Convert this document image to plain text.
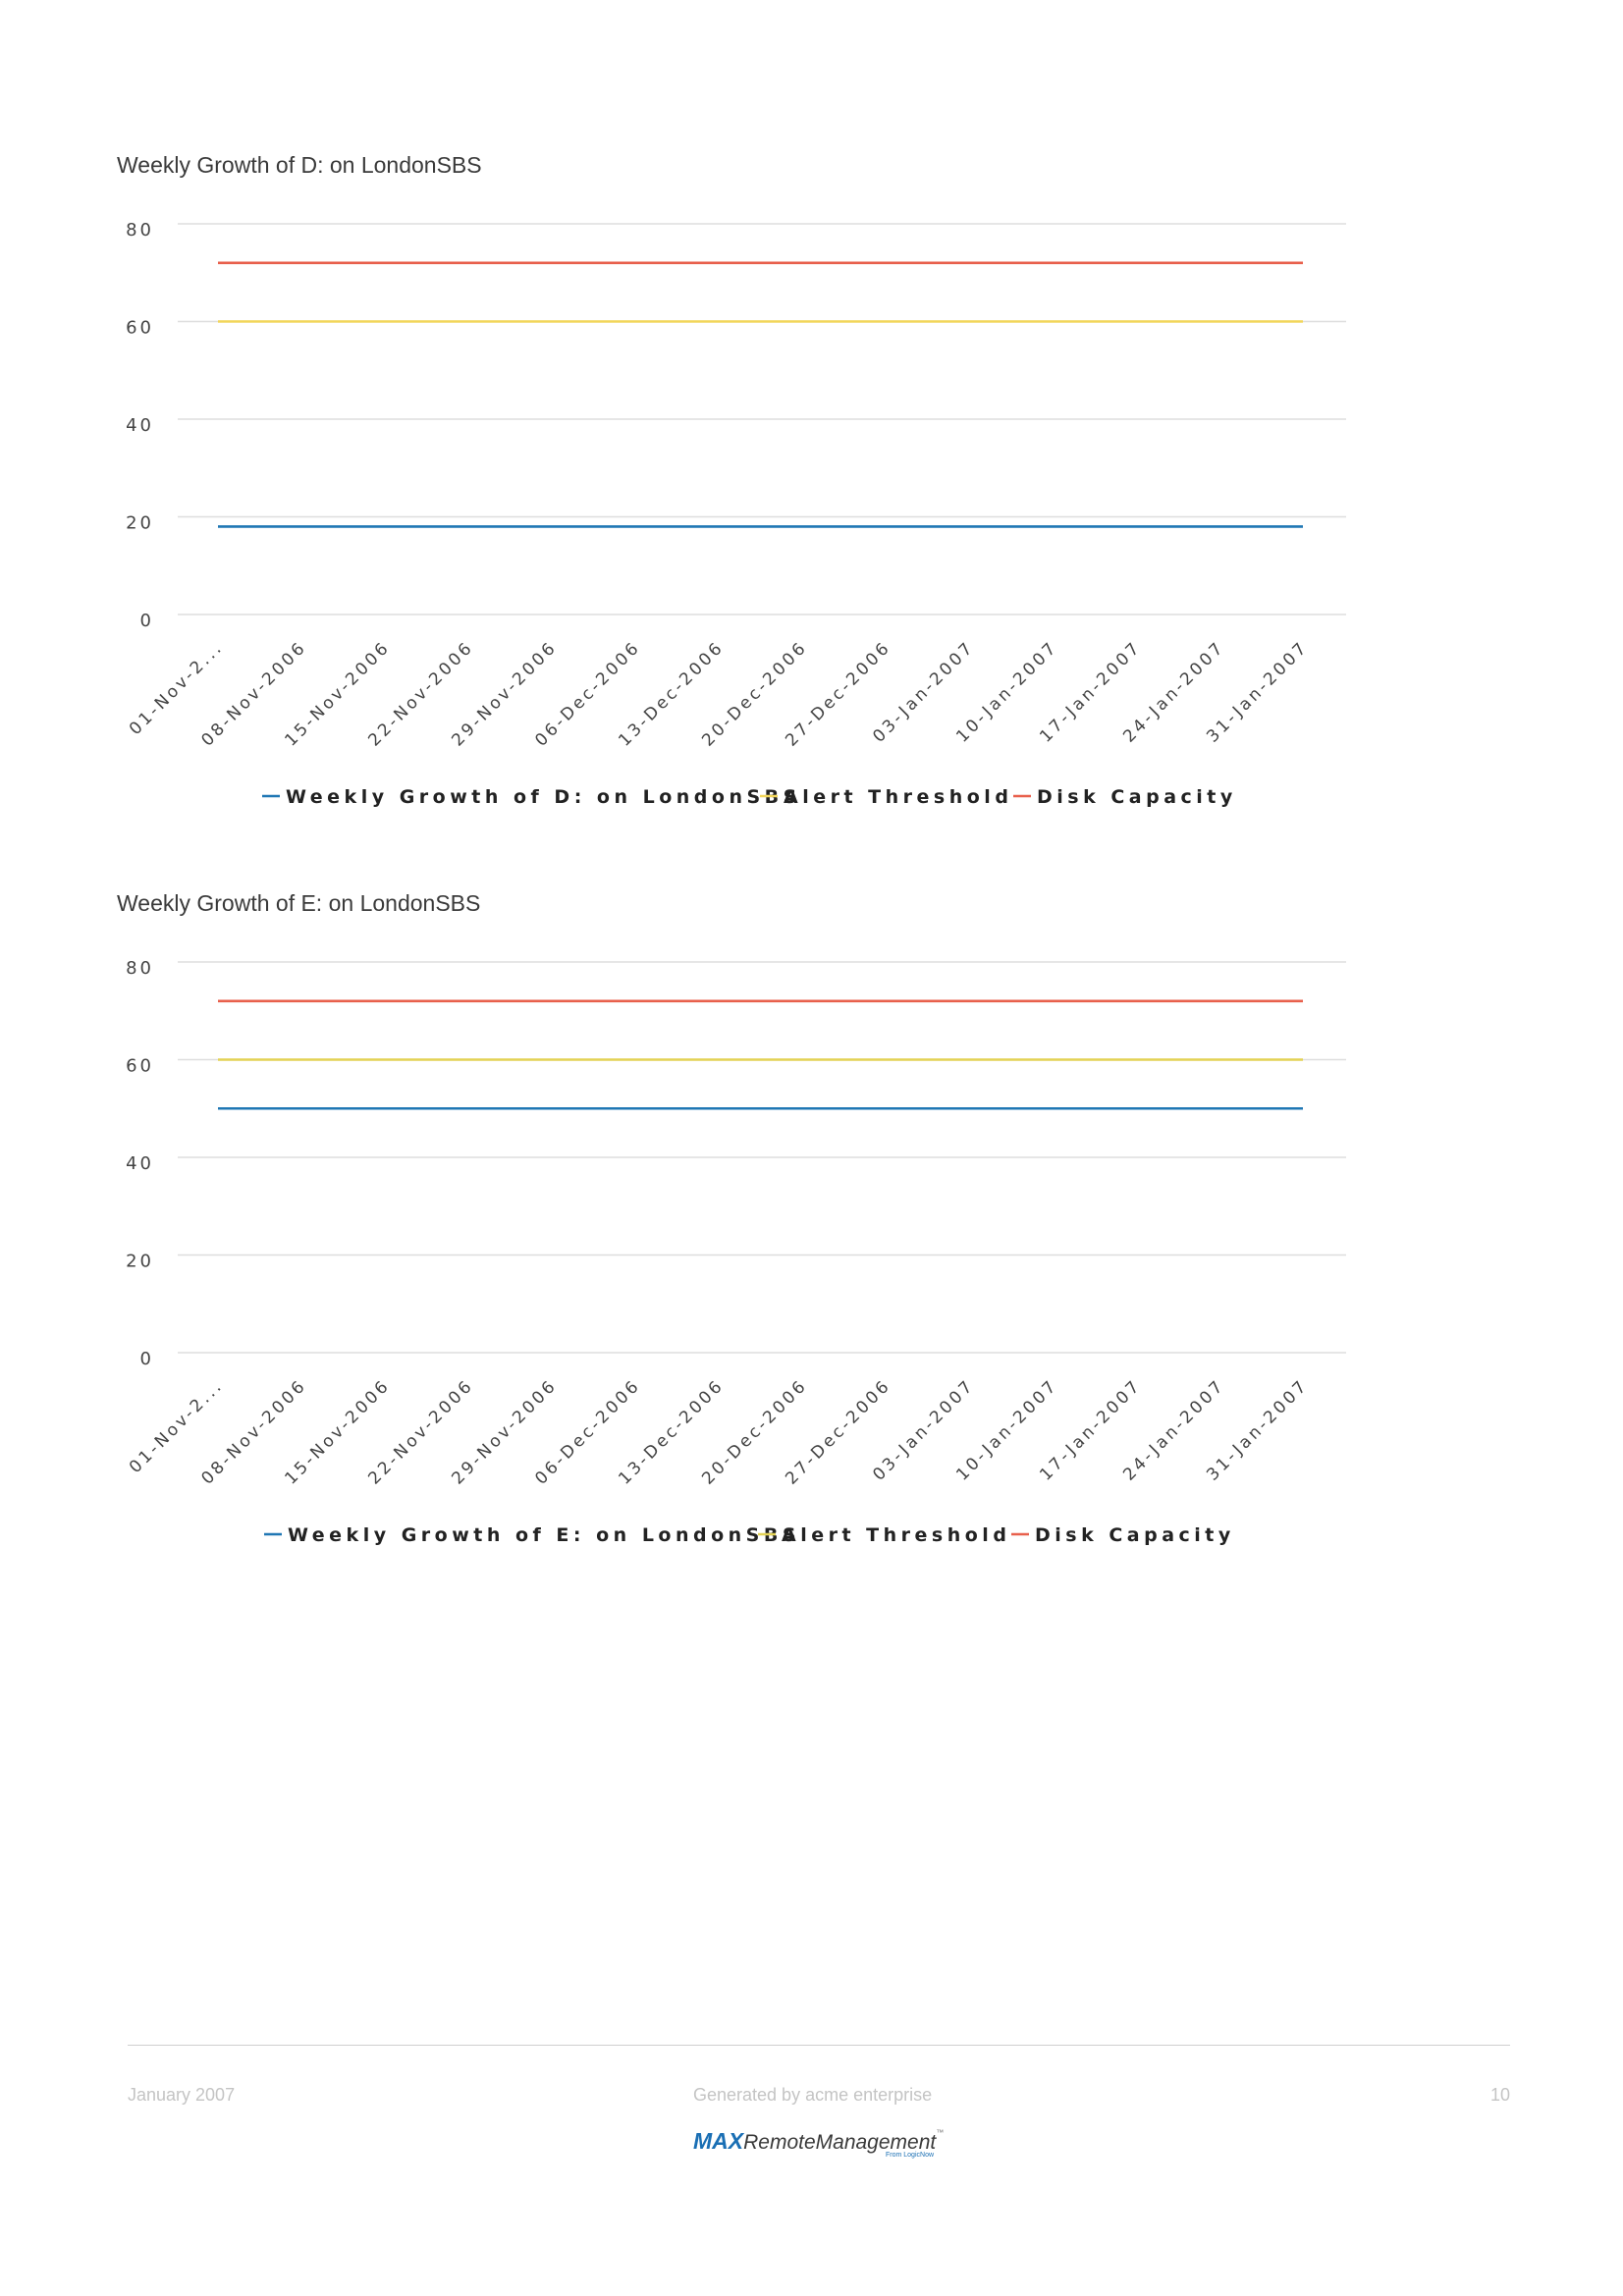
Weekly Growth of D: on LondonSBS
0
20
40
60
80
01-Nov-2...
08-Nov-2006
15-Nov-2006
22-Nov-2006
29-Nov-2006
06-Dec-2006
13-Dec-2006
20-Dec-2006
27-Dec-2006
03-Jan-2007
10-Jan-2007
17-Jan-2007
24-Jan-2007
31-Jan-2007
Weekly Growth of D: on LondonSBS
Alert Threshold Disk Capacity
Weekly Growth of E: on LondonSBS
0
20
40
60
80
01-Nov-2...
08-Nov-2006
15-Nov-2006
22-Nov-2006
29-Nov-2006
06-Dec-2006
13-Dec-2006
20-Dec-2006
27-Dec-2006
03-Jan-2007
10-Jan-2007
17-Jan-2007
24-Jan-2007
31-Jan-2007
Weekly Growth of E: on LondonSBS
Alert Threshold Disk Capacity
January 2007	Generated by acme enterprise	10
MAXRemoteManagement™
From LogicNow
